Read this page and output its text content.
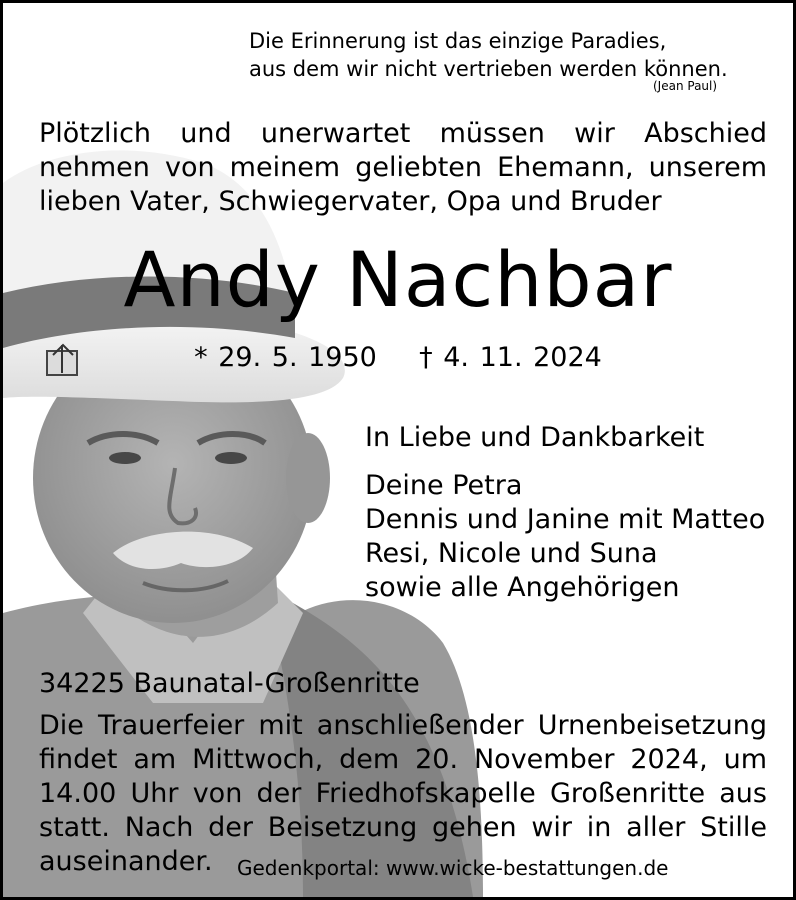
Die Erinnerung ist das einzige Paradies,
aus dem wir nicht vertrieben werden können.
(Jean Paul)
Plötzlich und unerwartet müssen wir Abschied
nehmen von meinem geliebten Ehemann, unserem
lieben Vater, Schwiegervater, Opa und Bruder
Andy Nachbar
* 29. 5. 1950 † 4. 11. 2024
In Liebe und Dankbarkeit
Deine Petra
Dennis und Janine mit Matteo
Resi, Nicole und Suna
sowie alle Angehörigen
34225 Baunatal-Großenritte
Die Trauerfeier mit anschließender Urnenbeisetzung
findet am Mittwoch, dem 20. November 2024, um
14.00 Uhr von der Friedhofskapelle Großenritte aus
statt. Nach der Beisetzung gehen wir in aller Stille
auseinander. Gedenkportal: www.wicke-bestattungen.de
